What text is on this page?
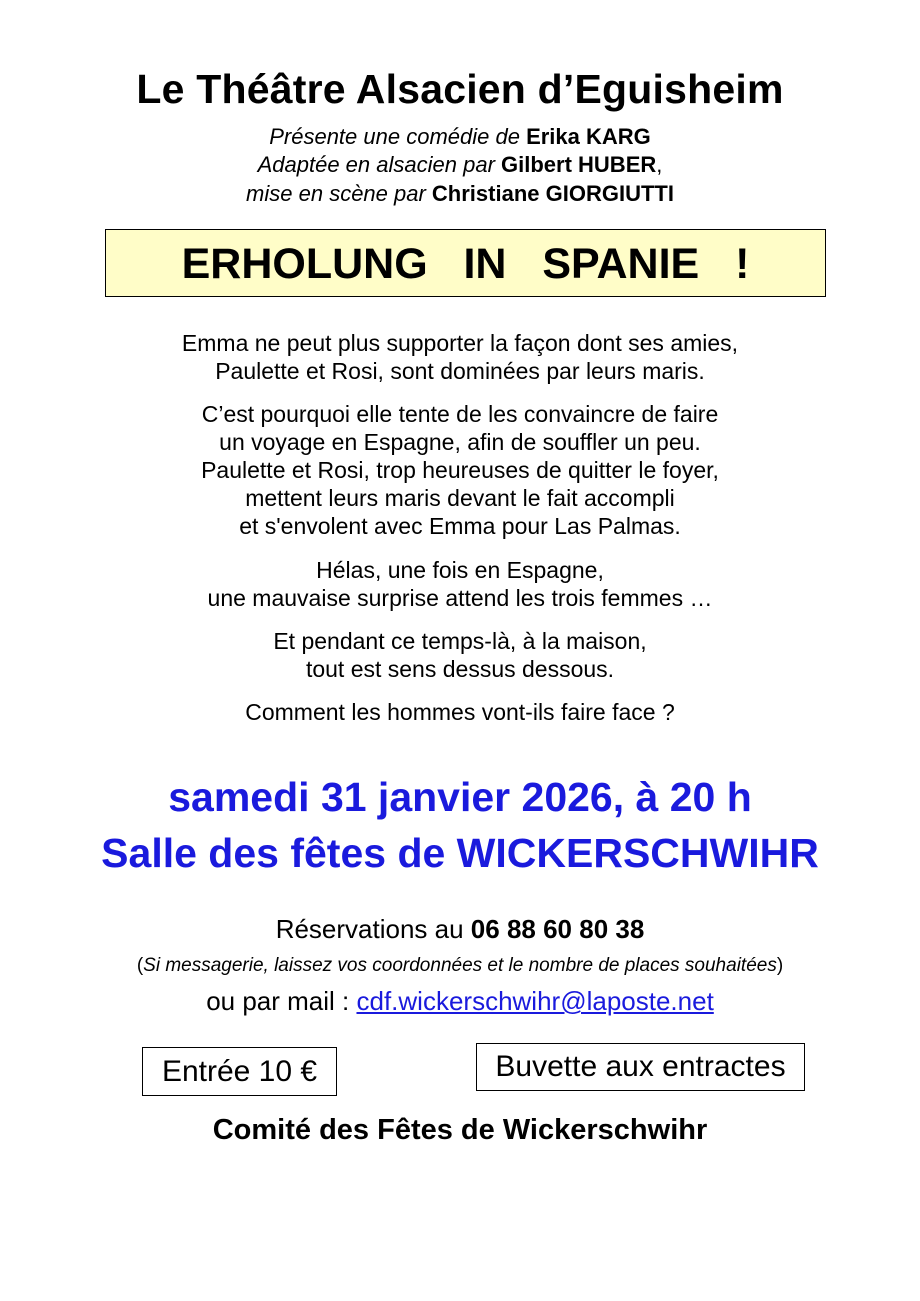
Le Théâtre Alsacien d’Eguisheim
Présente une comédie de Erika KARG
Adaptée en alsacien par Gilbert HUBER,
mise en scène par Christiane GIORGIUTTI
ERHOLUNG   IN   SPANIE   !
Emma ne peut plus supporter la façon dont ses amies,
Paulette et Rosi, sont dominées par leurs maris.
C’est pourquoi elle tente de les convaincre de faire
un voyage en Espagne, afin de souffler un peu.
Paulette et Rosi, trop heureuses de quitter le foyer,
mettent leurs maris devant le fait accompli
et s'envolent avec Emma pour Las Palmas.
Hélas, une fois en Espagne,
une mauvaise surprise attend les trois femmes …
Et pendant ce temps-là, à la maison,
tout est sens dessus dessous.
Comment les hommes vont-ils faire face ?
samedi 31 janvier 2026, à 20 h
Salle des fêtes de WICKERSCHWIHR
Réservations au 06 88 60 80 38
(Si messagerie, laissez vos coordonnées et le nombre de places souhaitées)
ou par mail : cdf.wickerschwihr@laposte.net
Entrée 10 €	Buvette aux entractes
Comité des Fêtes de Wickerschwihr
